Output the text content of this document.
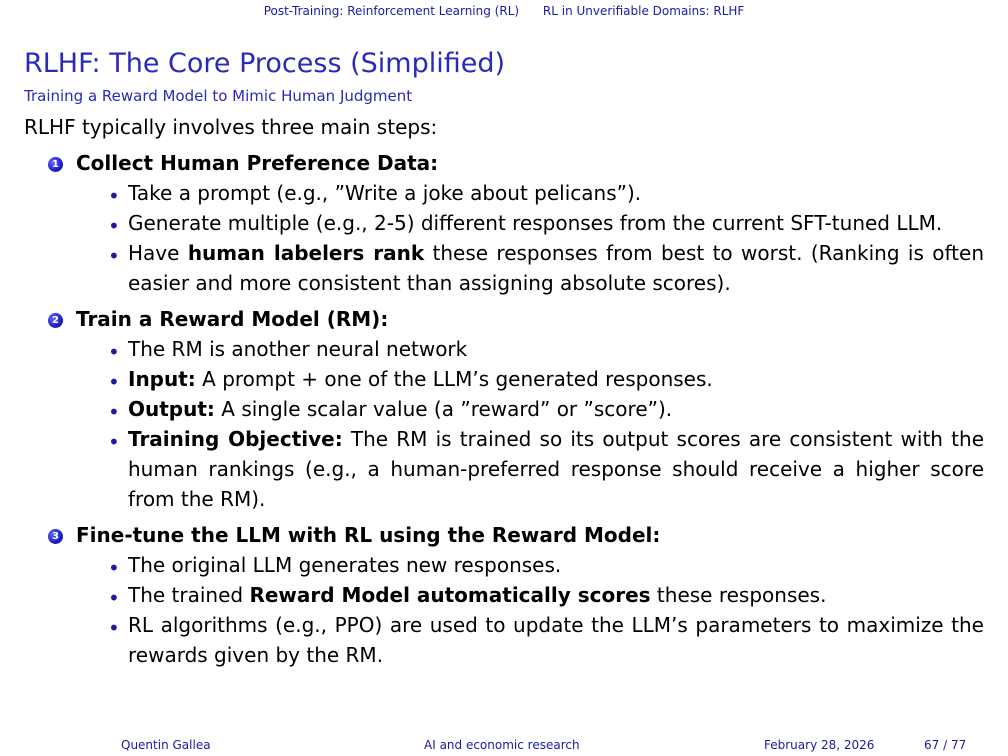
Post-Training: Reinforcement Learning (RL) RL in Unverifiable Domains: RLHF
RLHF: The Core Process (Simplified)
Training a Reward Model to Mimic Human Judgment

RLHF typically involves three main steps:

1 Collect Human Preference Data:
• Take a prompt (e.g., ”Write a joke about pelicans”).
• Generate multiple (e.g., 2-5) different responses from the current SFT-tuned LLM.
• Have human labelers rank these responses from best to worst. (Ranking is often easier and more consistent than assigning absolute scores).
2 Train a Reward Model (RM):
• The RM is another neural network
• Input: A prompt + one of the LLM’s generated responses.
• Output: A single scalar value (a ”reward” or ”score”).
• Training Objective: The RM is trained so its output scores are consistent with the human rankings (e.g., a human-preferred response should receive a higher score from the RM).
3 Fine-tune the LLM with RL using the Reward Model:
• The original LLM generates new responses.
• The trained Reward Model automatically scores these responses.
• RL algorithms (e.g., PPO) are used to update the LLM’s parameters to maximize the rewards given by the RM.
Quentin Gallea	AI and economic research	February 28, 2026	67 / 77
